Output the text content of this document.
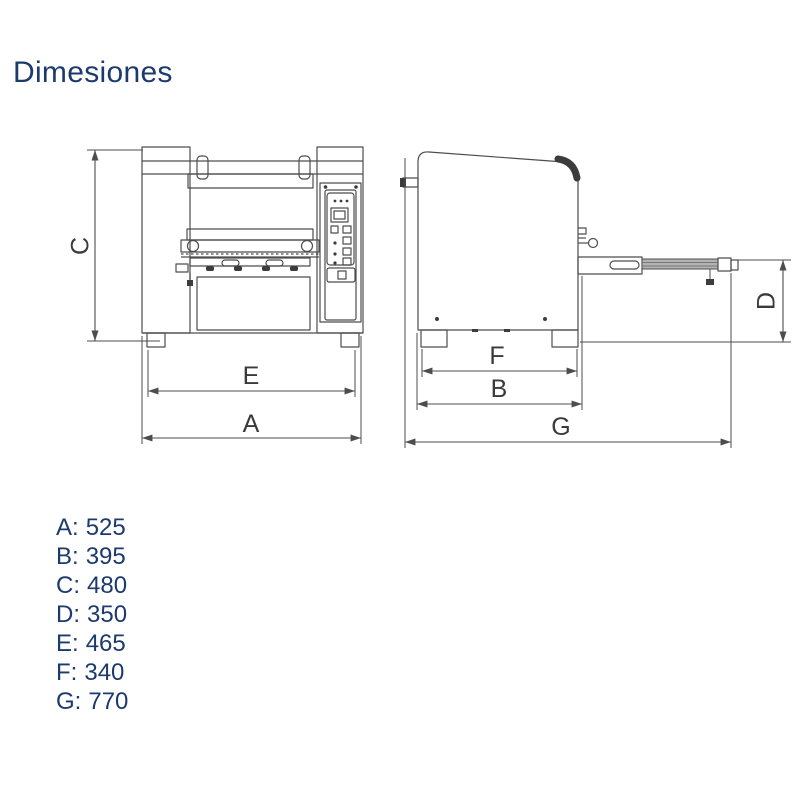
Dimesiones
C
E
A
D
F
B
G
A: 525
B: 395
C: 480
D: 350
E: 465
F: 340
G: 770
